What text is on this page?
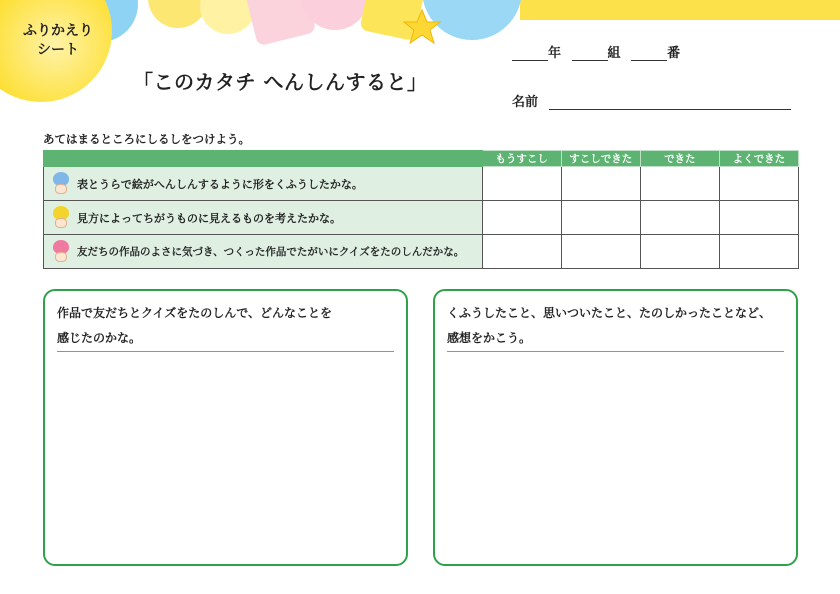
ふりかえり
シート
「このカタチ へんしんすると」
年	組	番
名前
あてはまるところにしるしをつけよう。
	もうすこし	すこしできた	できた	よくできた

表とうらで絵がへんしんするように形をくふうしたかな。				

見方によってちがうものに見えるものを考えたかな。				

友だちの作品のよさに気づき、つくった作品でたがいにクイズをたのしんだかな。				

作品で友だちとクイズをたのしんで、どんなことを
感じたのかな。
くふうしたこと、思いついたこと、たのしかったことなど、
感想をかこう。
